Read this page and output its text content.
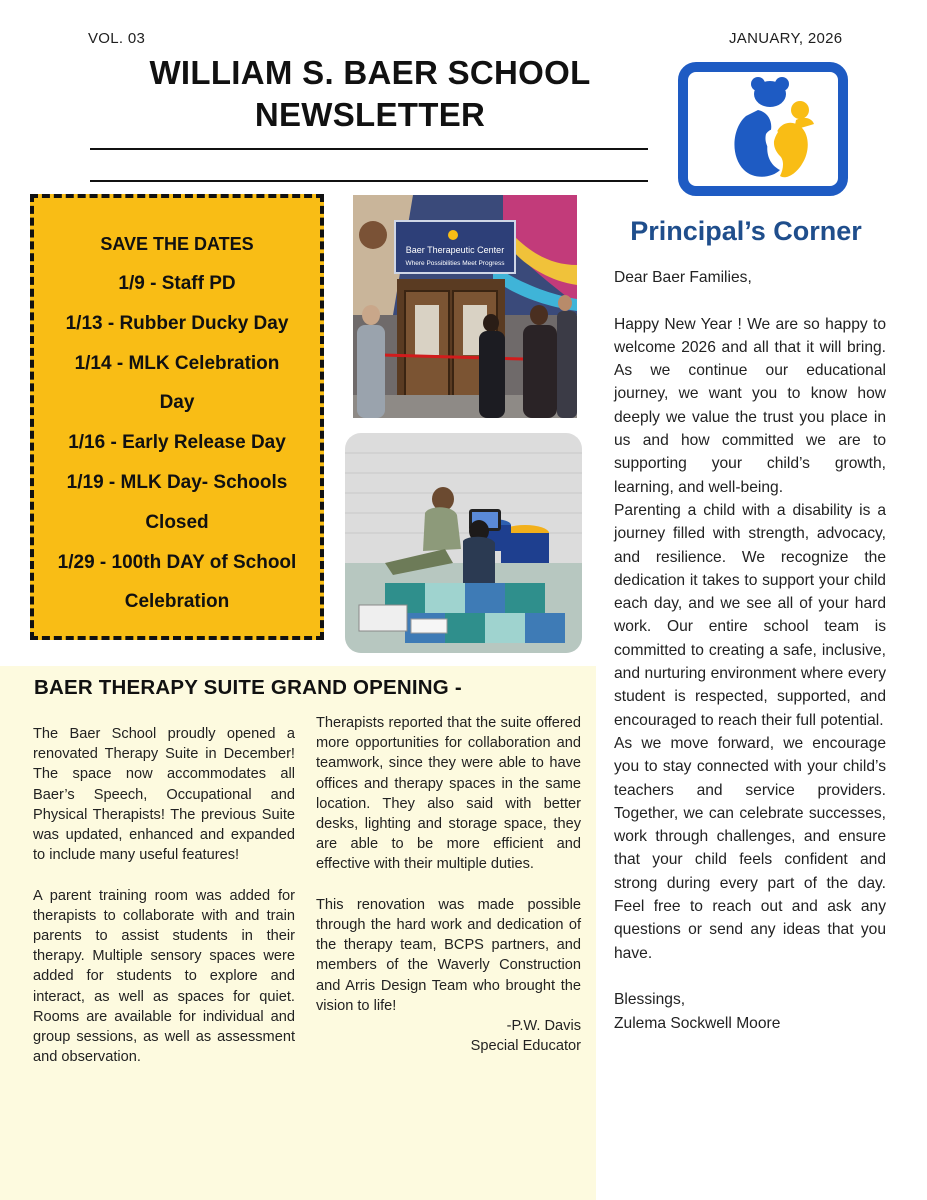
VOL. 03	JANUARY, 2026
WILLIAM S. BAER SCHOOL
NEWSLETTER
SAVE THE DATES
1/9 - Staff PD
1/13 - Rubber Ducky Day
1/14 - MLK Celebration
Day
1/16 - Early Release Day
1/19 - MLK Day- Schools
Closed
1/29 - 100th DAY of School
Celebration
Baer Therapeutic Center
Where Possibilities Meet Progress
Principal’s Corner

Dear Baer Families,

Happy New Year ! We are so happy to welcome 2026 and all that it will bring. As we continue our educational journey, we want you to know how deeply we value the trust you place in us and how committed we are to supporting your child’s growth, learning, and well-being.

Parenting a child with a disability is a journey filled with strength, advocacy, and resilience. We recognize the dedication it takes to support your child each day, and we see all of your hard work. Our entire school team is committed to creating a safe, inclusive, and nurturing environment where every student is respected, supported, and encouraged to reach their full potential.

As we move forward, we encourage you to stay connected with your child’s teachers and service providers. Together, we can celebrate successes, work through challenges, and ensure that your child feels confident and strong during every part of the day. Feel free to reach out and ask any questions or send any ideas that you have.

Blessings,

Zulema Sockwell Moore

BAER THERAPY SUITE GRAND OPENING -

The Baer School proudly opened a renovated Therapy Suite in December! The space now accommodates all Baer’s Speech, Occupational and Physical Therapists! The previous Suite was updated, enhanced and expanded to include many useful features!

A parent training room was added for therapists to collaborate with and train parents to assist students in their therapy. Multiple sensory spaces were added for students to explore and interact, as well as spaces for quiet. Rooms are available for individual and group sessions, as well as assessment and observation.

Therapists reported that the suite offered more opportunities for collaboration and teamwork, since they were able to have offices and therapy spaces in the same location. They also said with better desks, lighting and storage space, they are able to be more efficient and effective with their multiple duties.

This renovation was made possible through the hard work and dedication of the therapy team, BCPS partners, and members of the Waverly Construction and Arris Design Team who brought the vision to life!

-P.W. Davis

Special Educator
